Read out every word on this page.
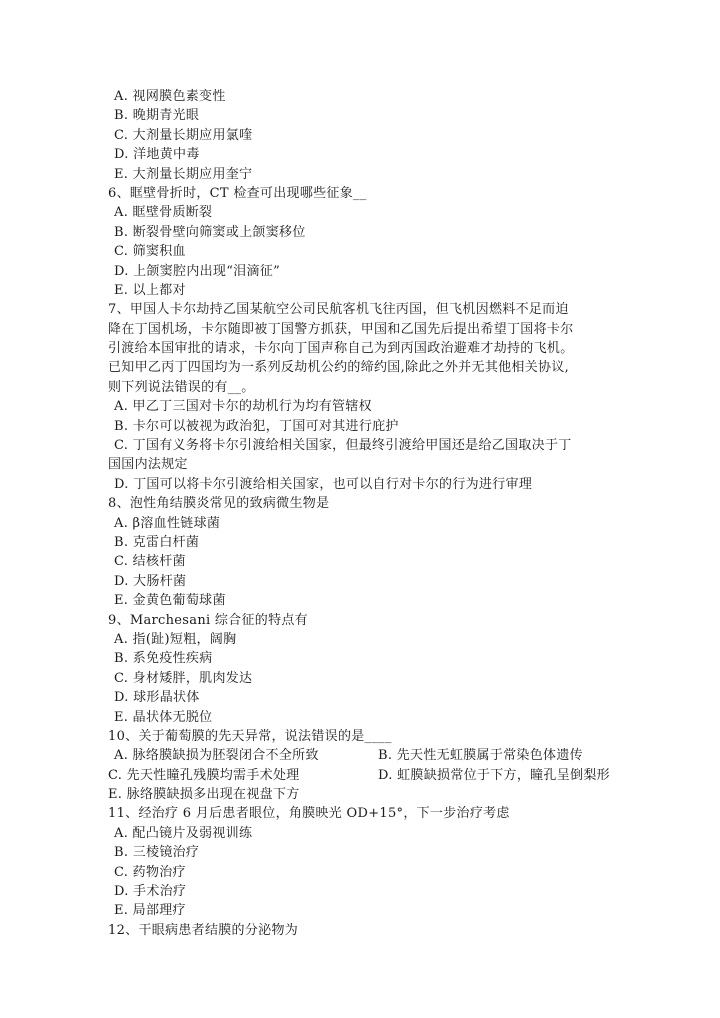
A. 视网膜色素变性
B. 晚期青光眼
C. 大剂量长期应用氯喹
D. 洋地黄中毒
E. 大剂量长期应用奎宁
6、眶壁骨折时，CT 检查可出现哪些征象__
A. 眶壁骨质断裂
B. 断裂骨壁向筛窦或上颌窦移位
C. 筛窦积血
D. 上颌窦腔内出现“泪滴征”
E. 以上都对
7、甲国人卡尔劫持乙国某航空公司民航客机飞往丙国，但飞机因燃料不足而迫
降在丁国机场，卡尔随即被丁国警方抓获，甲国和乙国先后提出希望丁国将卡尔
引渡给本国审批的请求，卡尔向丁国声称自己为到丙国政治避难才劫持的飞机。
已知甲乙丙丁四国均为一系列反劫机公约的缔约国,除此之外并无其他相关协议,
则下列说法错误的有__。
A. 甲乙丁三国对卡尔的劫机行为均有管辖权
B. 卡尔可以被视为政治犯，丁国可对其进行庇护
C. 丁国有义务将卡尔引渡给相关国家，但最终引渡给甲国还是给乙国取决于丁
国国内法规定
D. 丁国可以将卡尔引渡给相关国家，也可以自行对卡尔的行为进行审理
8、泡性角结膜炎常见的致病微生物是
A. β溶血性链球菌
B. 克雷白杆菌
C. 结核杆菌
D. 大肠杆菌
E. 金黄色葡萄球菌
9、Marchesani 综合征的特点有
A. 指(趾)短粗，阔胸
B. 系免疫性疾病
C. 身材矮胖，肌肉发达
D. 球形晶状体
E. 晶状体无脱位
10、关于葡萄膜的先天异常，说法错误的是____
A. 脉络膜缺损为胚裂闭合不全所致	B. 先天性无虹膜属于常染色体遗传
C. 先天性瞳孔残膜均需手术处理	D. 虹膜缺损常位于下方，瞳孔呈倒梨形
E. 脉络膜缺损多出现在视盘下方
11、经治疗 6 月后患者眼位，角膜映光 OD+15°，下一步治疗考虑
A. 配凸镜片及弱视训练
B. 三棱镜治疗
C. 药物治疗
D. 手术治疗
E. 局部理疗
12、干眼病患者结膜的分泌物为
